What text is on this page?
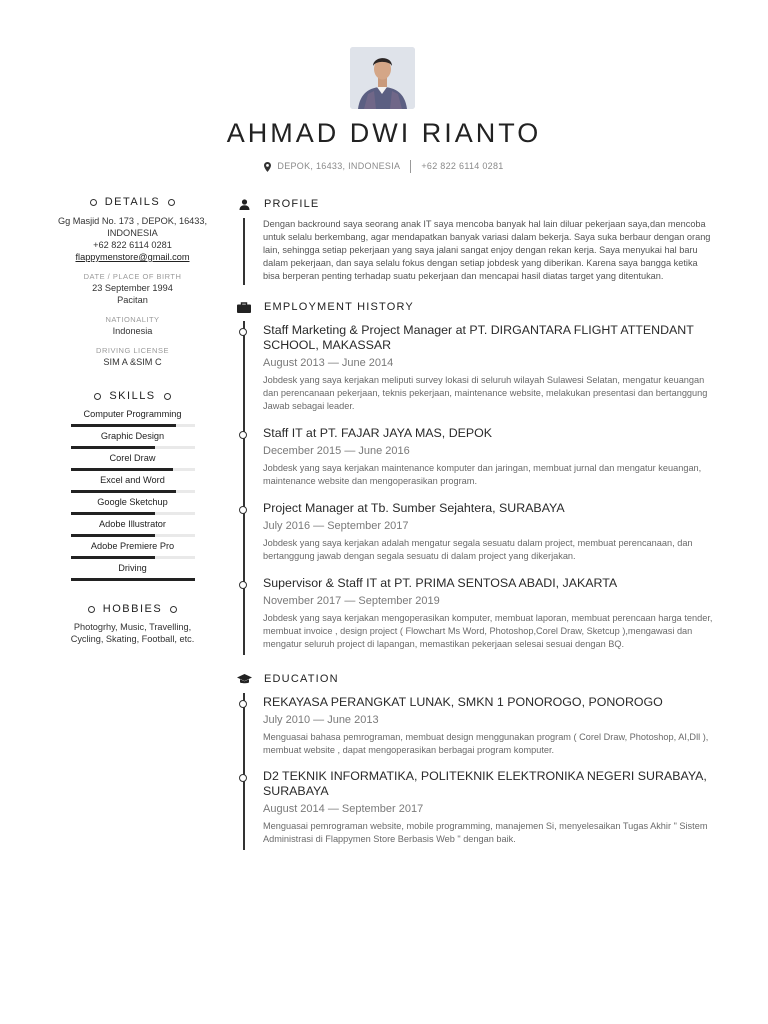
AHMAD DWI RIANTO
DEPOK, 16433, INDONESIA +62 822 6114 0281
DETAILS
Gg Masjid No. 173 , DEPOK, 16433,
INDONESIA
+62 822 6114 0281
flappymenstore@gmail.com
DATE / PLACE OF BIRTH
23 September 1994
Pacitan
NATIONALITY
Indonesia
DRIVING LICENSE
SIM A &SIM C
SKILLS
Computer Programming
Graphic Design
Corel Draw
Excel and Word
Google Sketchup
Adobe Illustrator
Adobe Premiere Pro
Driving
HOBBIES
Photogrhy, Music, Travelling,
Cycling, Skating, Football, etc.
PROFILE
Dengan backround saya seorang anak IT saya mencoba banyak hal lain diluar pekerjaan saya,dan mencoba untuk selalu berkembang, agar mendapatkan banyak variasi dalam bekerja. Saya suka berbaur dengan orang lain, sehingga setiap pekerjaan yang saya jalani sangat enjoy dengan rekan kerja. Saya menyukai hal baru dalam pekerjaan, dan saya selalu fokus dengan setiap jobdesk yang diberikan. Karena saya bangga ketika bisa berperan penting terhadap suatu pekerjaan dan mencapai hasil diatas target yang ditentukan.
EMPLOYMENT HISTORY
Staff Marketing & Project Manager at PT. DIRGANTARA FLIGHT ATTENDANT SCHOOL, MAKASSAR
August 2013 — June 2014
Jobdesk yang saya kerjakan meliputi survey lokasi di seluruh wilayah Sulawesi Selatan, mengatur keuangan dan perencanaan pekerjaan, teknis pekerjaan, maintenance website, melakukan presentasi dan bertanggung Jawab sebagai leader.
Staff IT at PT. FAJAR JAYA MAS, DEPOK
December 2015 — June 2016
Jobdesk yang saya kerjakan maintenance komputer dan jaringan, membuat jurnal dan mengatur keuangan, maintenance website dan mengoperasikan program.
Project Manager at Tb. Sumber Sejahtera, SURABAYA
July 2016 — September 2017
Jobdesk yang saya kerjakan adalah mengatur segala sesuatu dalam project, membuat perencanaan, dan bertanggung jawab dengan segala sesuatu di dalam project yang dikerjakan.
Supervisor & Staff IT at PT. PRIMA SENTOSA ABADI, JAKARTA
November 2017 — September 2019
Jobdesk yang saya kerjakan mengoperasikan komputer, membuat laporan, membuat perencaan harga tender, membuat invoice , design project ( Flowchart Ms Word, Photoshop,Corel Draw, Sketcup ),mengawasi dan mengatur seluruh project di lapangan, memastikan pekerjaan selesai sesuai dengan BQ.
EDUCATION
REKAYASA PERANGKAT LUNAK, SMKN 1 PONOROGO, PONOROGO
July 2010 — June 2013
Menguasai bahasa pemrograman, membuat design menggunakan program ( Corel Draw, Photoshop, AI,Dll ), membuat website , dapat mengoperasikan berbagai program komputer.
D2 TEKNIK INFORMATIKA, POLITEKNIK ELEKTRONIKA NEGERI SURABAYA, SURABAYA
August 2014 — September 2017
Menguasai pemrograman website, mobile programming, manajemen Si, menyelesaikan Tugas Akhir " Sistem Administrasi di Flappymen Store Berbasis Web " dengan baik.
